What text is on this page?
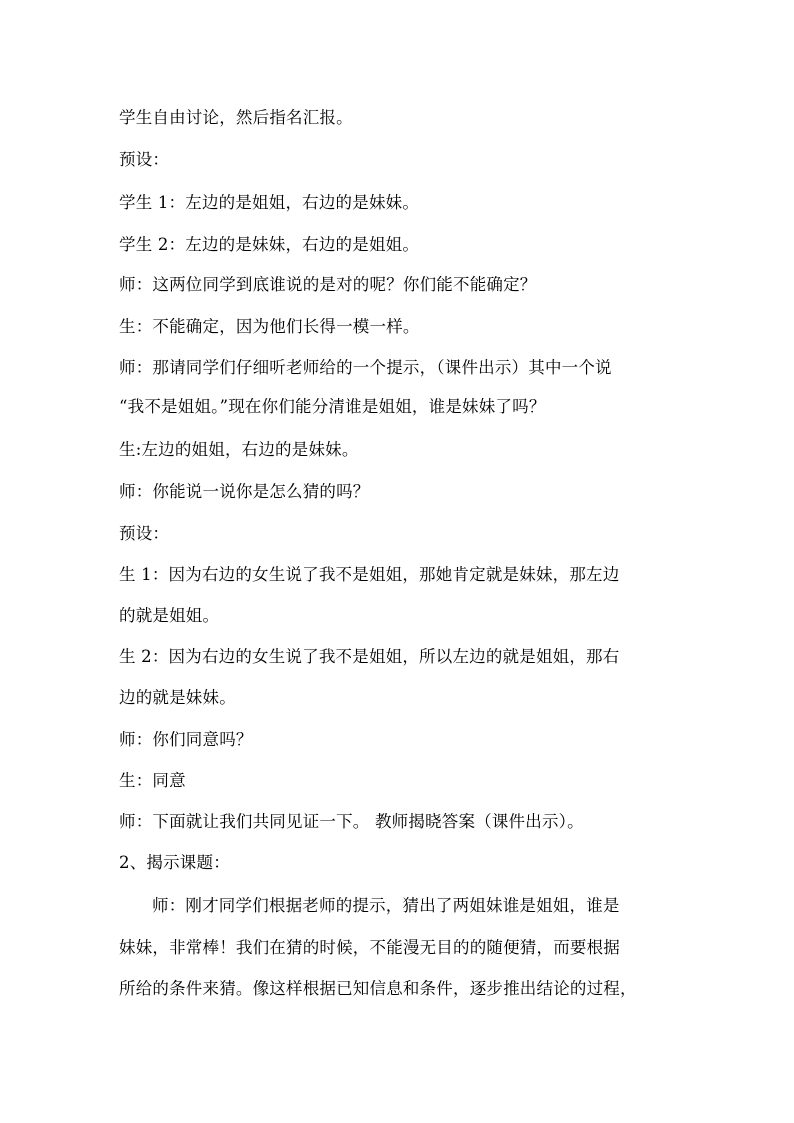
学生自由讨论，然后指名汇报。
预设：
学生 1：左边的是姐姐，右边的是妹妹。
学生 2：左边的是妹妹，右边的是姐姐。
师：这两位同学到底谁说的是对的呢？你们能不能确定？
生：不能确定，因为他们长得一模一样。
师：那请同学们仔细听老师给的一个提示，（课件出示）其中一个说
“我不是姐姐。”现在你们能分清谁是姐姐，谁是妹妹了吗？
生:左边的姐姐，右边的是妹妹。
师：你能说一说你是怎么猜的吗？
预设：
生 1：因为右边的女生说了我不是姐姐，那她肯定就是妹妹，那左边
的就是姐姐。
生 2：因为右边的女生说了我不是姐姐，所以左边的就是姐姐，那右
边的就是妹妹。
师：你们同意吗？
生：同意
师：下面就让我们共同见证一下。 教师揭晓答案（课件出示）。
2、揭示课题：
师：刚才同学们根据老师的提示，猜出了两姐妹谁是姐姐，谁是
妹妹，非常棒！我们在猜的时候，不能漫无目的的随便猜，而要根据
所给的条件来猜。像这样根据已知信息和条件，逐步推出结论的过程，
